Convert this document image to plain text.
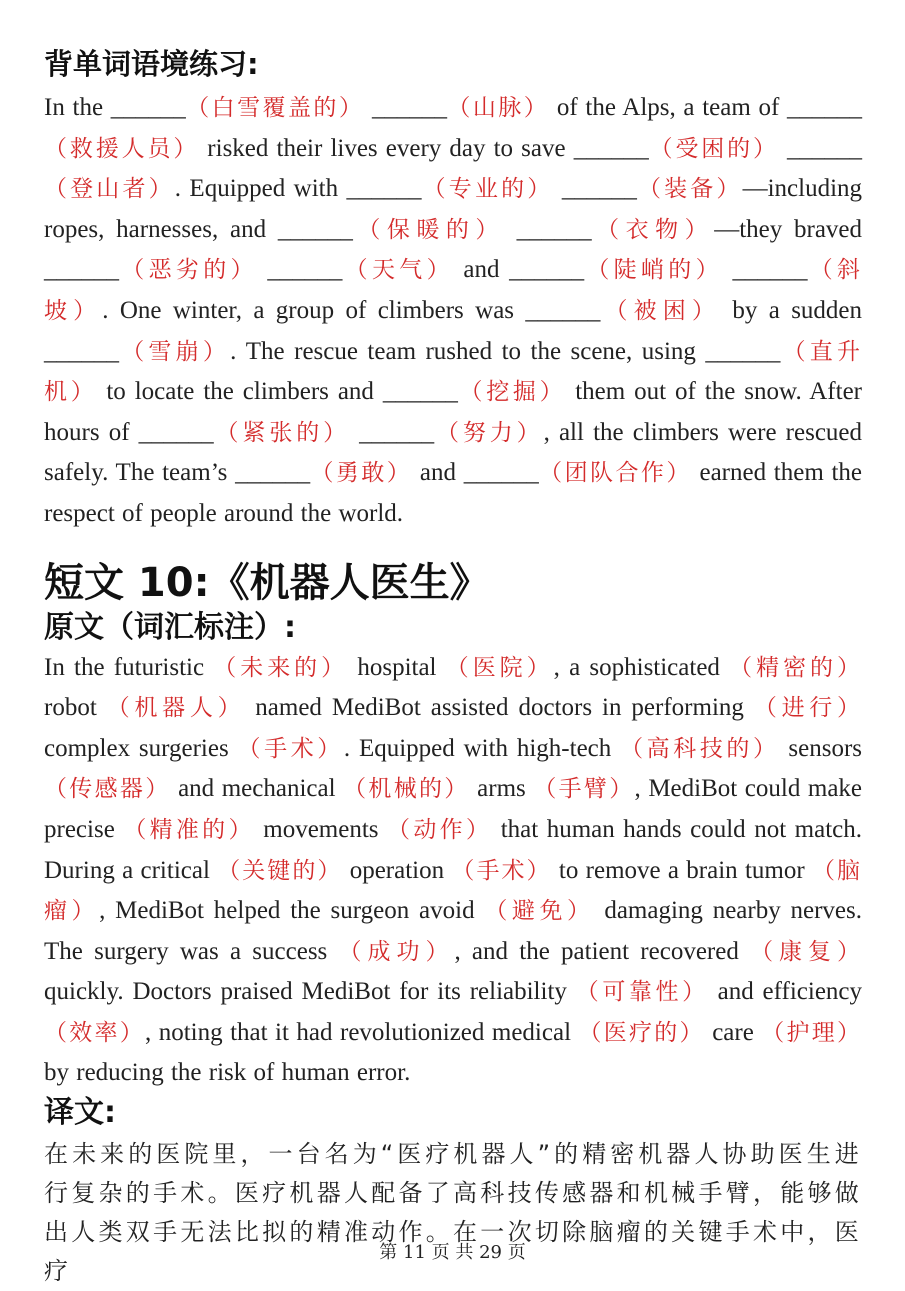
背单词语境练习:

In the ______（白雪覆盖的） ______（山脉） of the Alps, a team of ______（救援人员） risked their lives every day to save ______（受困的） ______（登山者）. Equipped with ______（专业的） ______（装备）—including ropes, harnesses, and ______（保暖的） ______（衣物）—they braved ______（恶劣的） ______（天气） and ______（陡峭的） ______（斜坡）. One winter, a group of climbers was ______（被困） by a sudden ______（雪崩）. The rescue team rushed to the scene, using ______（直升机） to locate the climbers and ______（挖掘） them out of the snow. After hours of ______（紧张的） ______（努力）, all the climbers were rescued safely. The team’s ______（勇敢） and ______（团队合作） earned them the respect of people around the world.

短文 10:《机器人医生》
原文（词汇标注）:

In the futuristic （未来的） hospital （医院）, a sophisticated （精密的） robot （机器人） named MediBot assisted doctors in performing （进行） complex surgeries （手术）. Equipped with high-tech （高科技的） sensors （传感器） and mechanical （机械的） arms （手臂）, MediBot could make precise （精准的） movements （动作） that human hands could not match. During a critical （关键的） operation （手术） to remove a brain tumor （脑瘤）, MediBot helped the surgeon avoid （避免） damaging nearby nerves. The surgery was a success （成功）, and the patient recovered （康复） quickly. Doctors praised MediBot for its reliability （可靠性） and efficiency （效率）, noting that it had revolutionized medical （医疗的） care （护理） by reducing the risk of human error.

译文:

在未来的医院里，一台名为“医疗机器人”的精密机器人协助医生进行复杂的手术。医疗机器人配备了高科技传感器和机械手臂，能够做出人类双手无法比拟的精准动作。在一次切除脑瘤的关键手术中，医疗

第 11 页 共 29 页
